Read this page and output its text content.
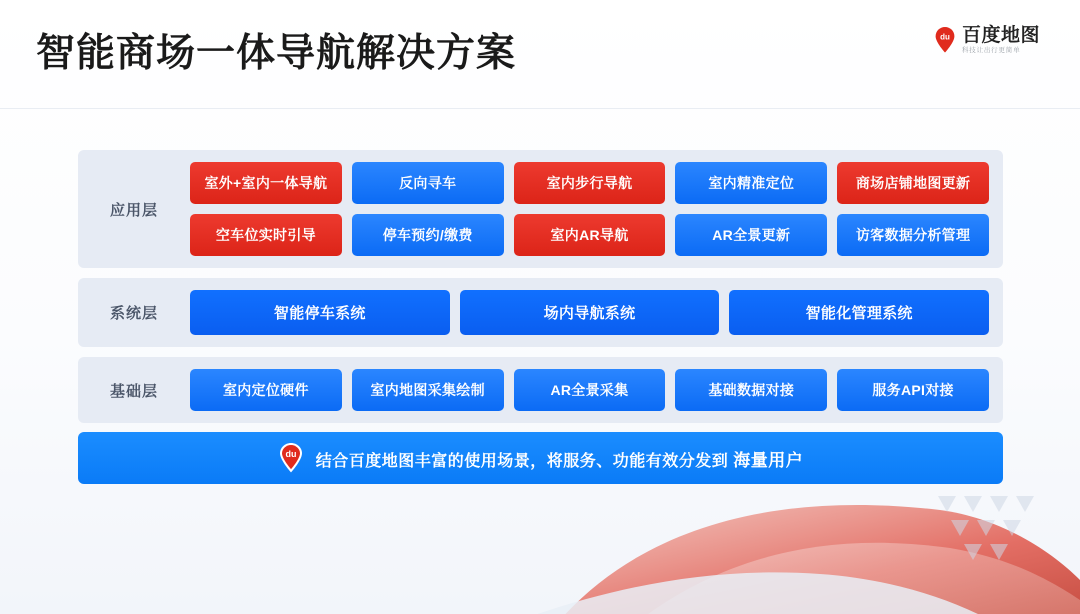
智能商场一体导航解决方案	du 百度地图
科技让出行更简单
应用层
室外+室内一体导航	反向寻车	室内步行导航	室内精准定位	商场店铺地图更新
空车位实时引导	停车预约/缴费	室内AR导航	AR全景更新	访客数据分析管理
系统层	智能停车系统	场内导航系统	智能化管理系统
基础层	室内定位硬件	室内地图采集绘制	AR全景采集	基础数据对接	服务API对接
du 结合百度地图丰富的使用场景，将服务、功能有效分发到 海量用户
